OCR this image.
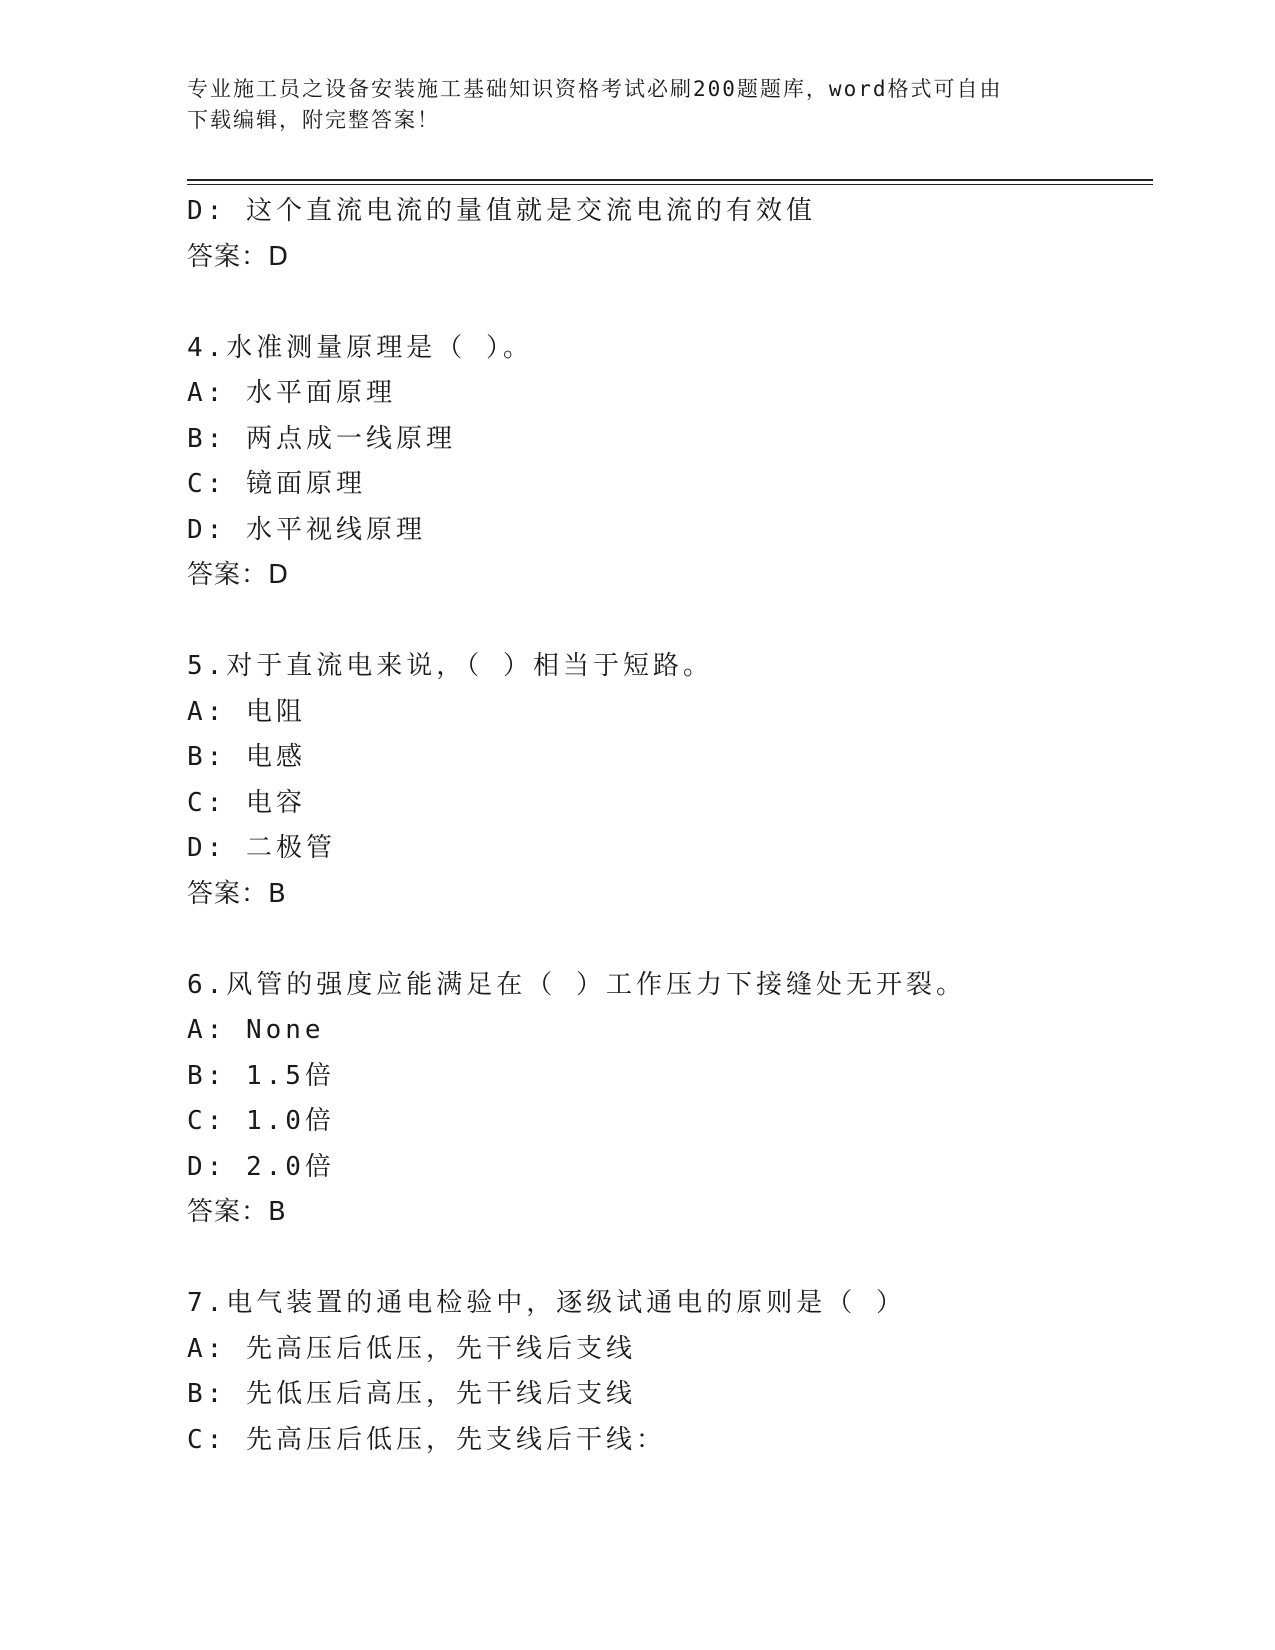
专业施工员之设备安装施工基础知识资格考试必刷200题题库，word格式可自由
下载编辑，附完整答案！
D: 这个直流电流的量值就是交流电流的有效值
答案：D
4.水准测量原理是（ ）。
A: 水平面原理
B: 两点成一线原理
C: 镜面原理
D: 水平视线原理
答案：D
5.对于直流电来说，（ ）相当于短路。
A: 电阻
B: 电感
C: 电容
D: 二极管
答案：B
6.风管的强度应能满足在（ ）工作压力下接缝处无开裂。
A: None
B: 1.5倍
C: 1.0倍
D: 2.0倍
答案：B
7.电气装置的通电检验中，逐级试通电的原则是（ ）
A: 先高压后低压，先干线后支线
B: 先低压后高压，先干线后支线
C: 先高压后低压，先支线后干线：
